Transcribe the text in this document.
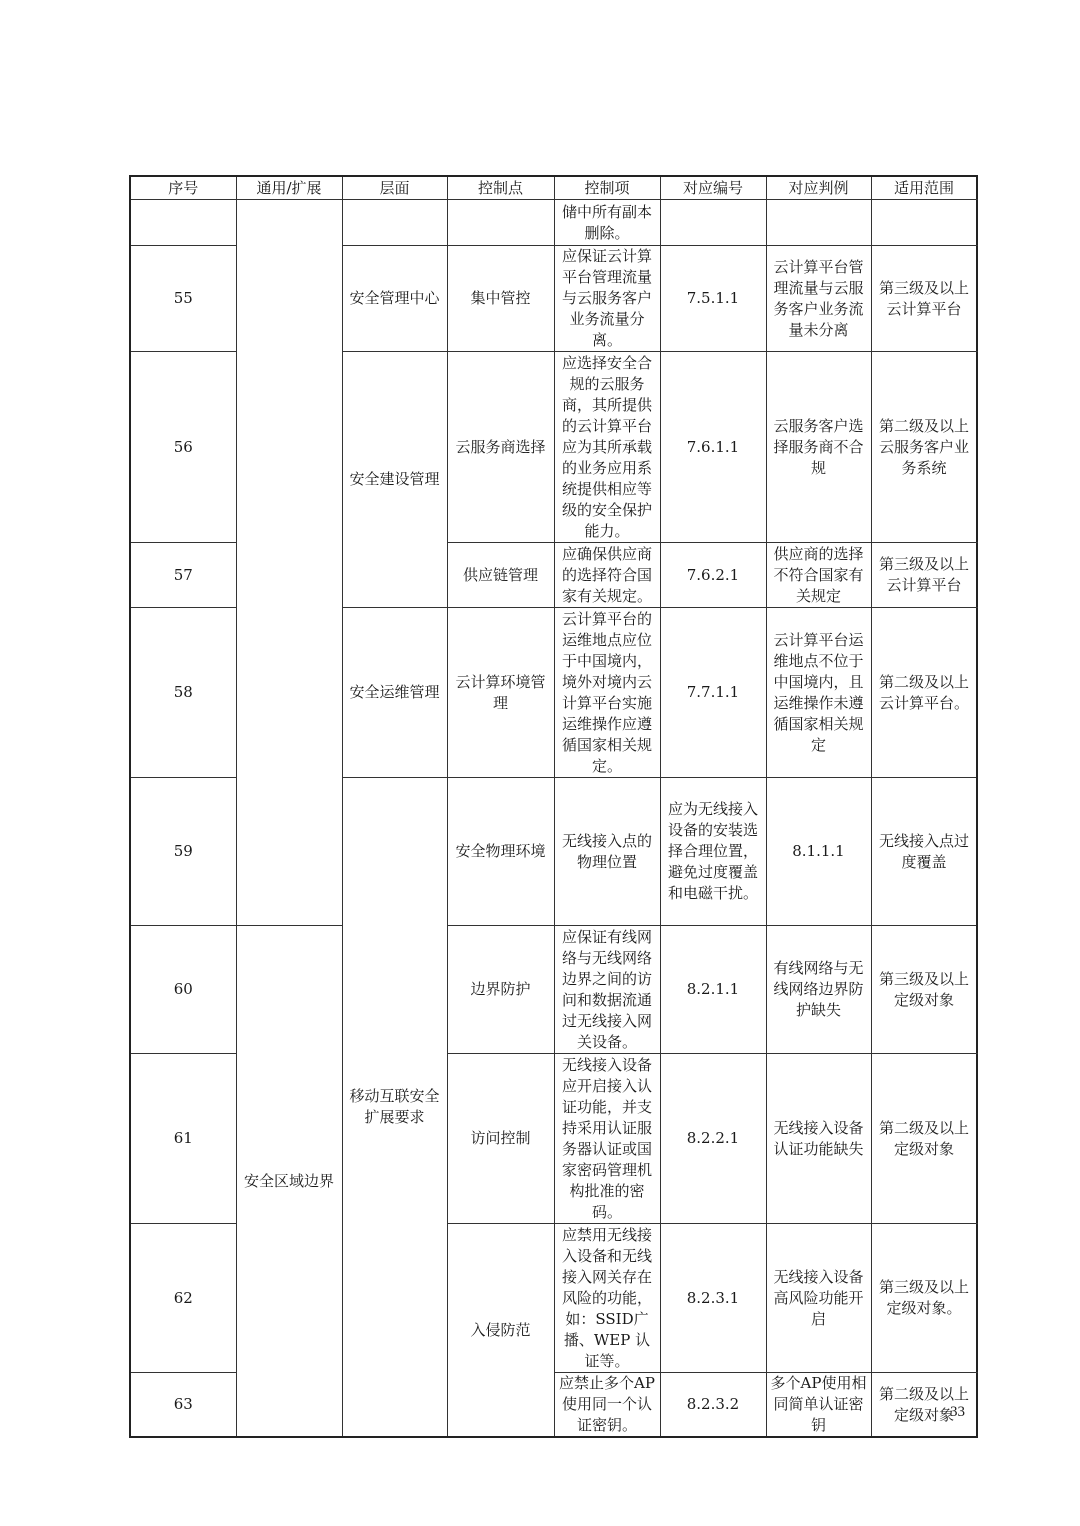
序号	通用/扩展	层面	控制点	控制项	对应编号	对应判例	适用范围	
				储中所有副本删除。				
55		安全管理中心	集中管控	应保证云计算平台管理流量与云服务客户业务流量分离。	7.5.1.1	云计算平台管理流量与云服务客户业务流量未分离	第三级及以上云计算平台	
56		安全建设管理	云服务商选择	应选择安全合规的云服务商，其所提供的云计算平台应为其所承载的业务应用系统提供相应等级的安全保护能力。	7.6.1.1	云服务客户选择服务商不合规	第二级及以上云服务客户业务系统	
57			供应链管理	应确保供应商的选择符合国家有关规定。	7.6.2.1	供应商的选择不符合国家有关规定	第三级及以上云计算平台	
58		安全运维管理	云计算环境管理	云计算平台的运维地点应位于中国境内，境外对境内云计算平台实施运维操作应遵循国家相关规定。	7.7.1.1	云计算平台运维地点不位于中国境内，且运维操作未遵循国家相关规定	第二级及以上云计算平台。	
59		移动互联安全扩展要求	安全物理环境	无线接入点的物理位置	应为无线接入设备的安装选择合理位置，避免过度覆盖和电磁干扰。	8.1.1.1	无线接入点过度覆盖	
60	安全区域边界		边界防护	应保证有线网络与无线网络边界之间的访问和数据流通过无线接入网关设备。	8.2.1.1	有线网络与无线网络边界防护缺失	第三级及以上定级对象	
61			访问控制	无线接入设备应开启接入认证功能，并支持采用认证服务器认证或国家密码管理机构批准的密码。	8.2.2.1	无线接入设备认证功能缺失	第二级及以上定级对象	
62			入侵防范	应禁用无线接入设备和无线接入网关存在风险的功能，如：SSID广播、WEP 认证等。	8.2.3.1	无线接入设备高风险功能开启	第三级及以上定级对象。	
63				应禁止多个AP 使用同一个认证密钥。	8.2.3.2	多个AP使用相同简单认证密钥	第二级及以上定级对象	
33
